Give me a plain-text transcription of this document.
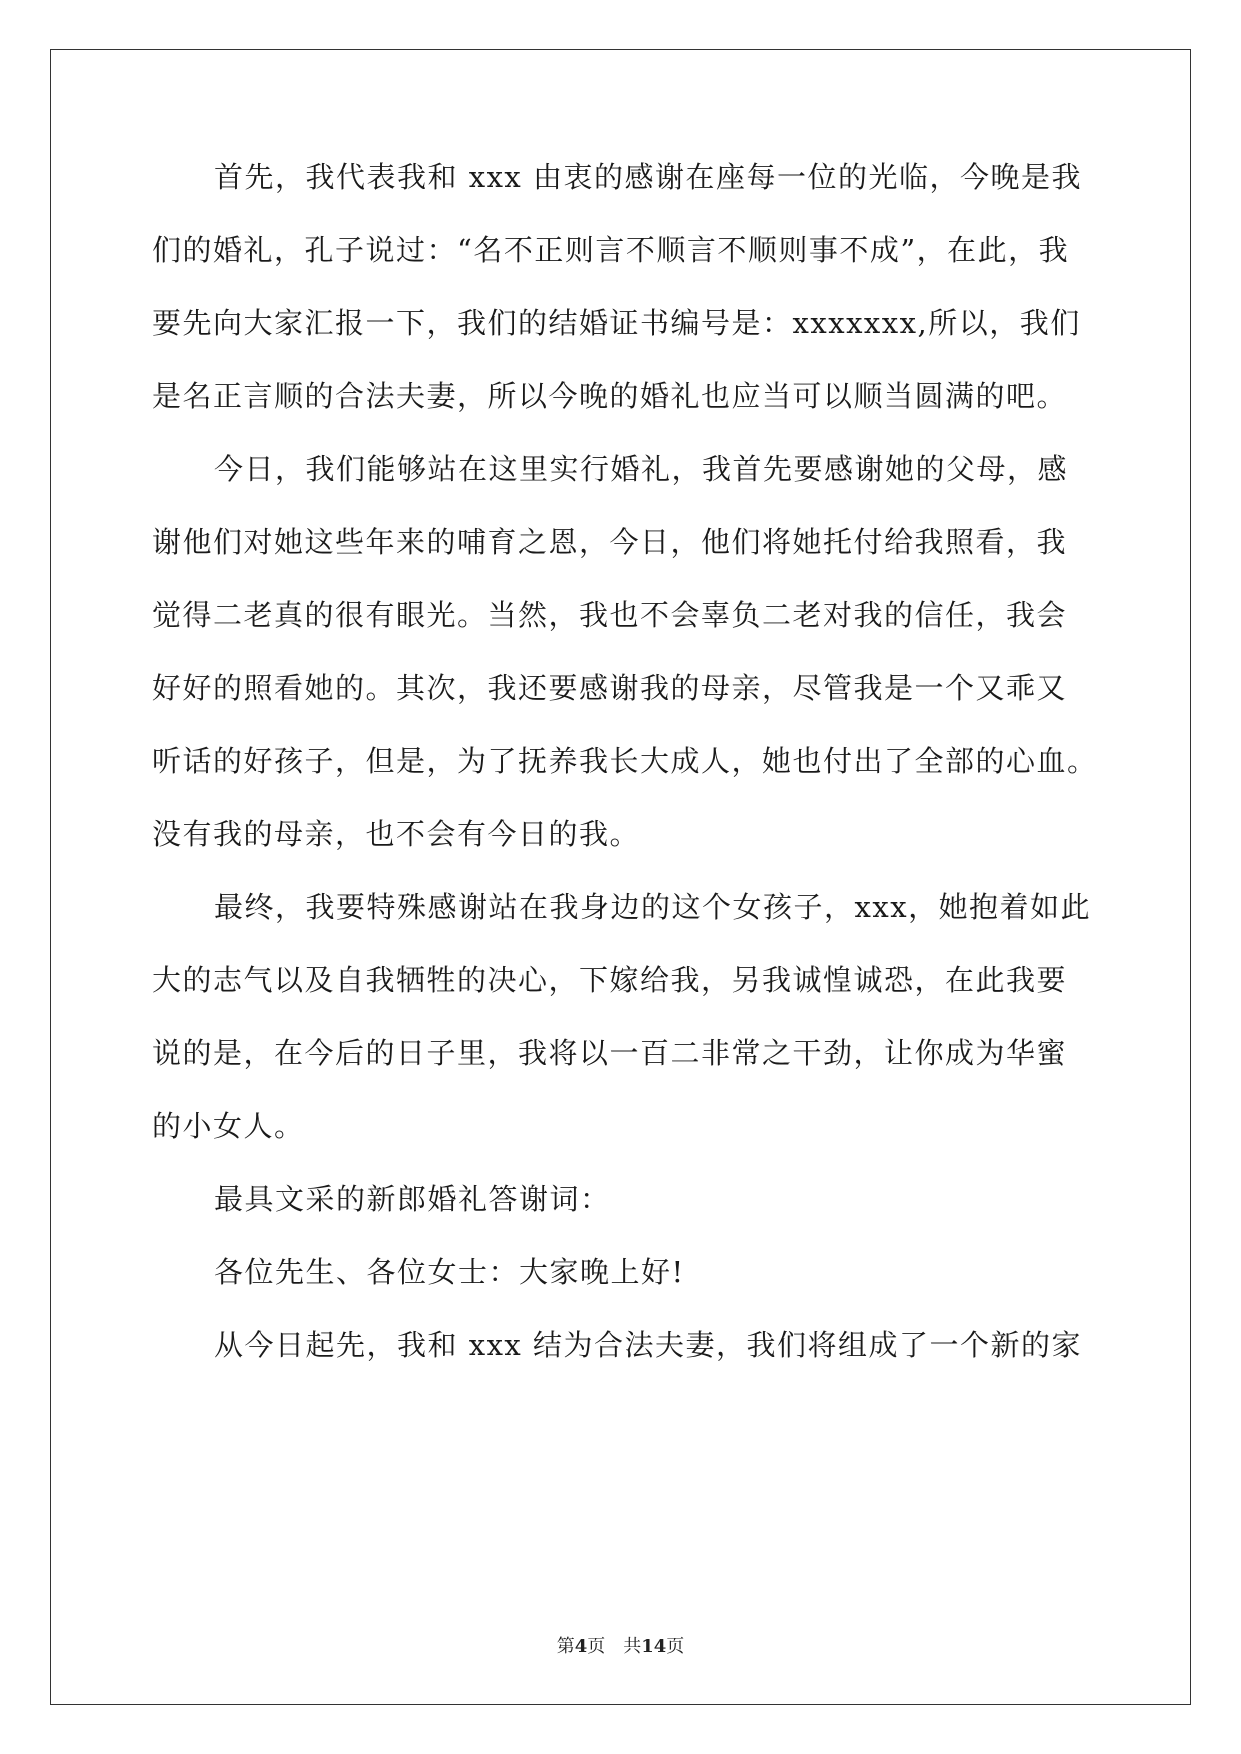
首先，我代表我和 xxx 由衷的感谢在座每一位的光临，今晚是我
们的婚礼，孔子说过：“名不正则言不顺言不顺则事不成”，在此，我
要先向大家汇报一下，我们的结婚证书编号是：xxxxxxx,所以，我们
是名正言顺的合法夫妻，所以今晚的婚礼也应当可以顺当圆满的吧。
今日，我们能够站在这里实行婚礼，我首先要感谢她的父母，感
谢他们对她这些年来的哺育之恩，今日，他们将她托付给我照看，我
觉得二老真的很有眼光。当然，我也不会辜负二老对我的信任，我会
好好的照看她的。其次，我还要感谢我的母亲，尽管我是一个又乖又
听话的好孩子，但是，为了抚养我长大成人，她也付出了全部的心血。
没有我的母亲，也不会有今日的我。
最终，我要特殊感谢站在我身边的这个女孩子，xxx，她抱着如此
大的志气以及自我牺牲的决心，下嫁给我，另我诚惶诚恐，在此我要
说的是，在今后的日子里，我将以一百二非常之干劲，让你成为华蜜
的小女人。
最具文采的新郎婚礼答谢词：
各位先生、各位女士：大家晚上好!
从今日起先，我和 xxx 结为合法夫妻，我们将组成了一个新的家
第4页 共14页
